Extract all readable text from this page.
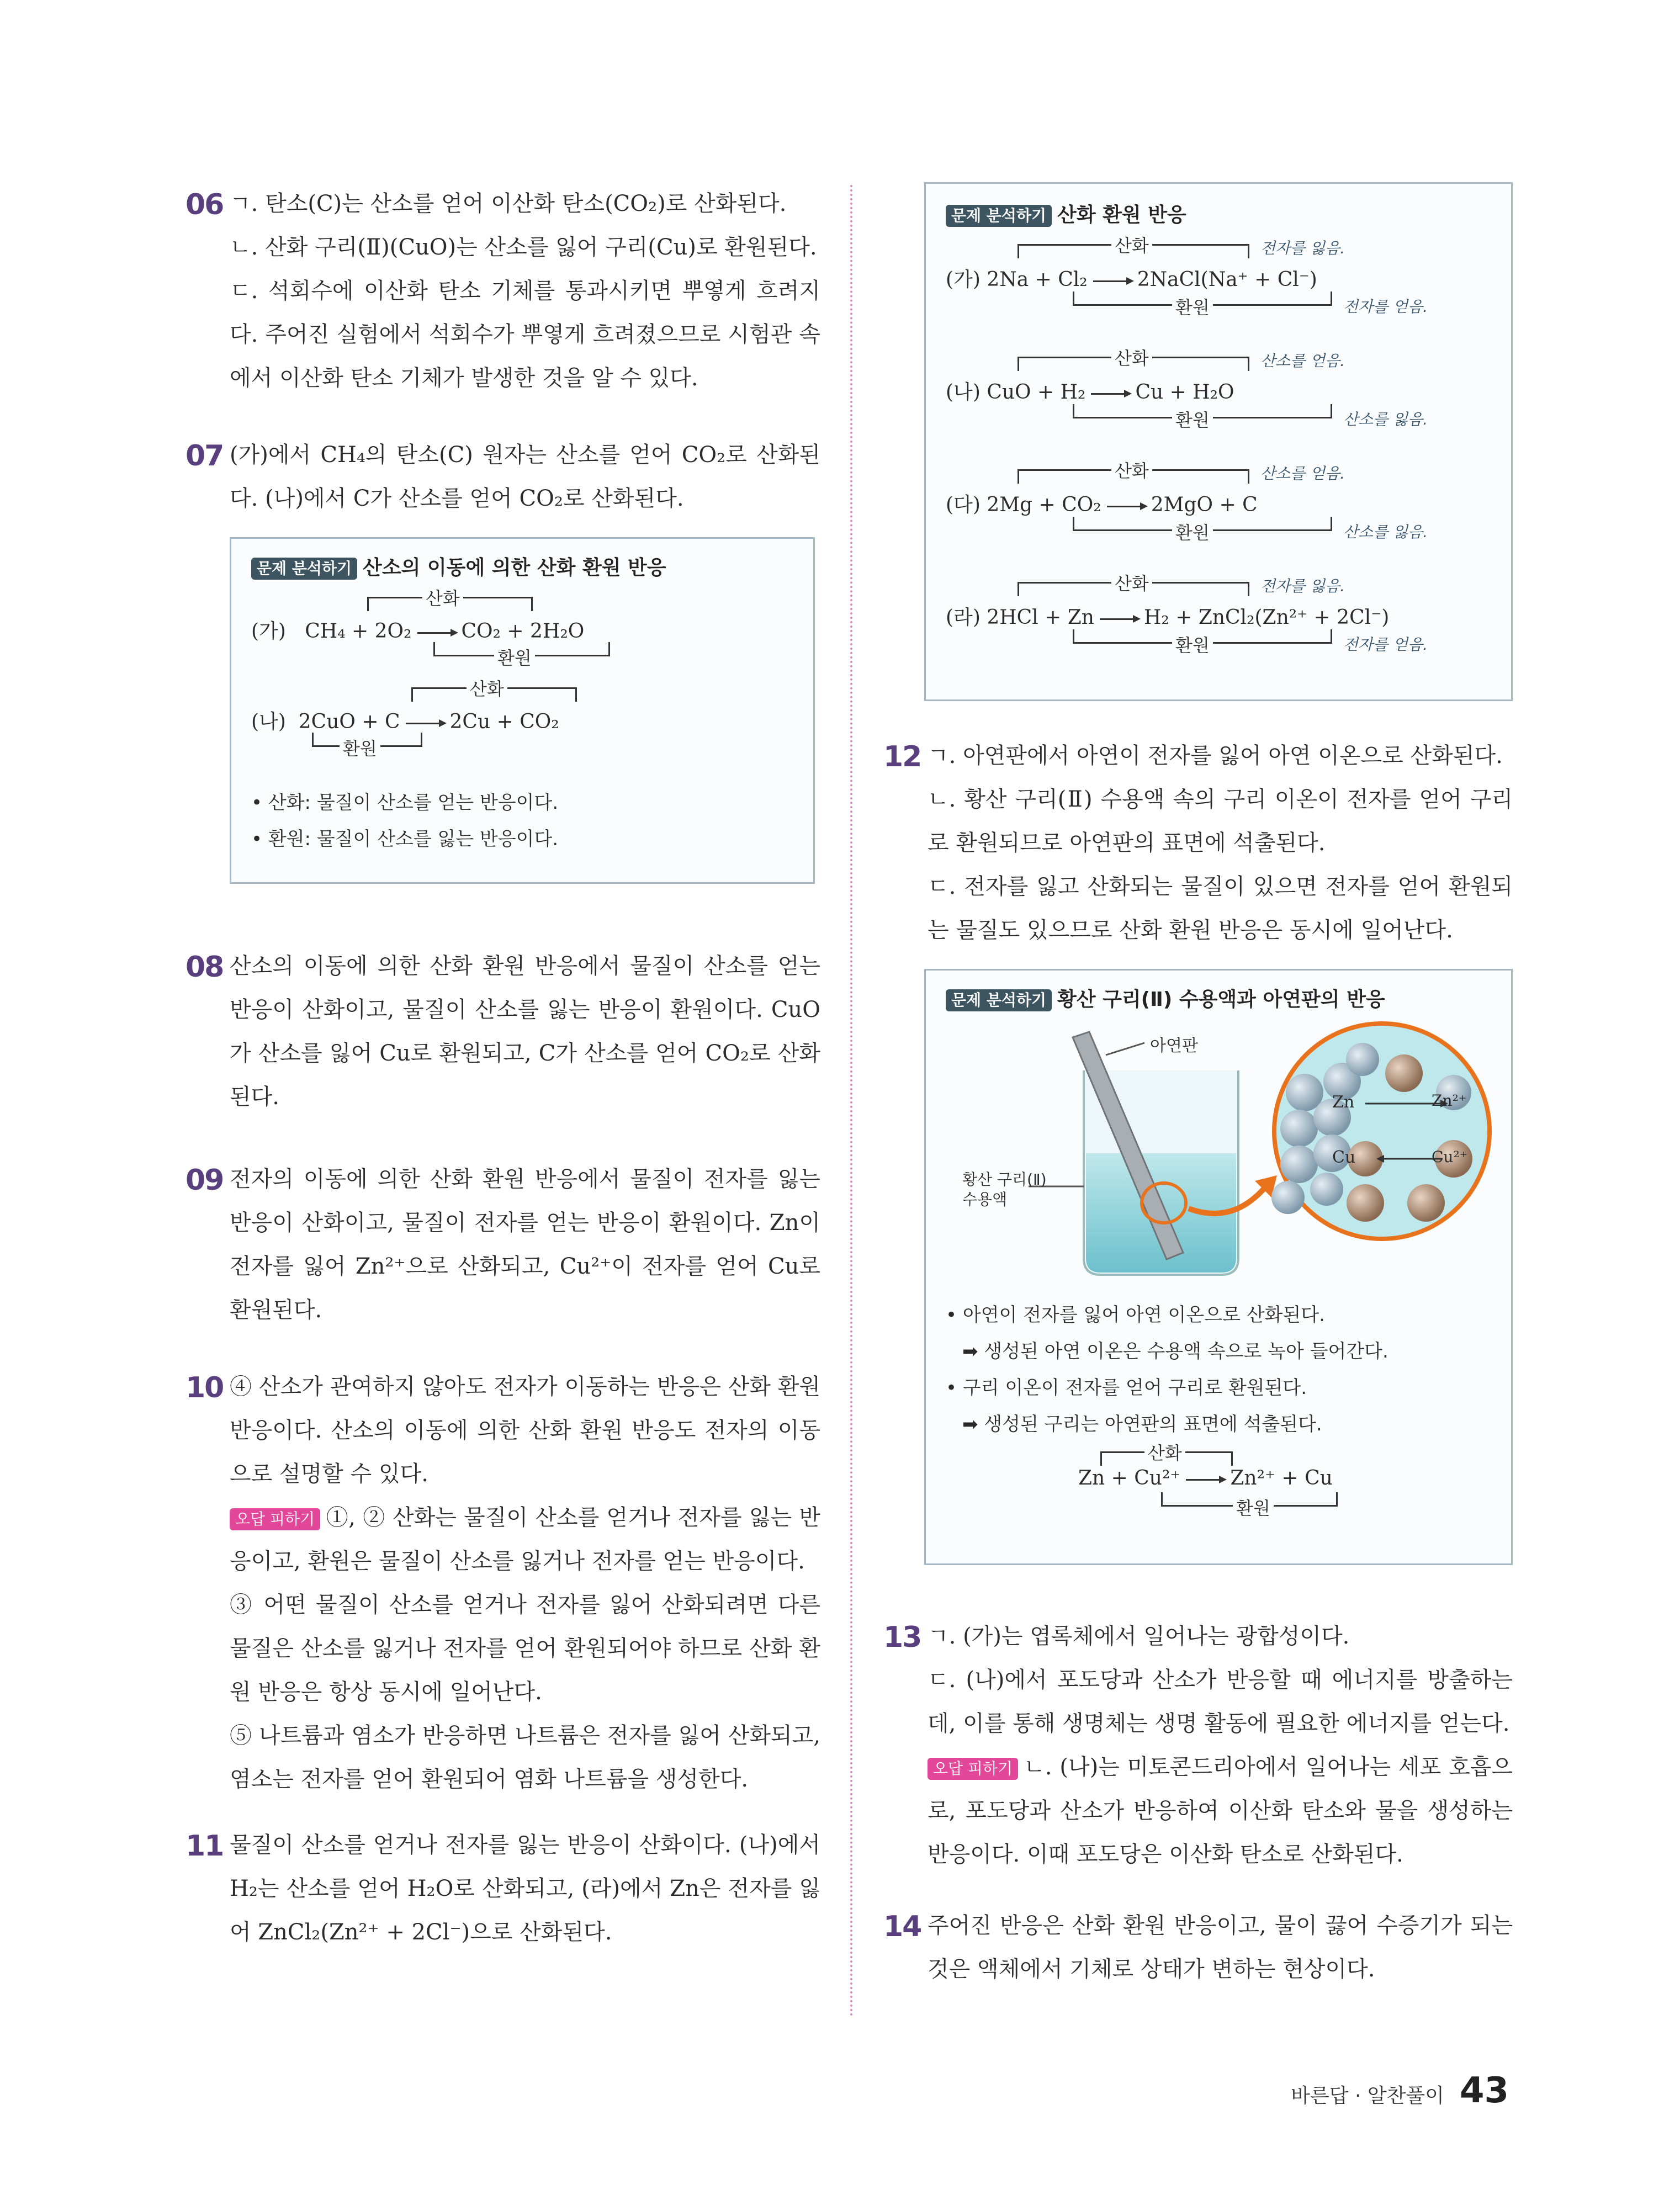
06 ㄱ. 탄소(C)는 산소를 얻어 이산화 탄소(CO₂)로 산화된다.

ㄴ. 산화 구리(Ⅱ)(CuO)는 산소를 잃어 구리(Cu)로 환원된다.

ㄷ. 석회수에 이산화 탄소 기체를 통과시키면 뿌옇게 흐려지다. 주어진 실험에서 석회수가 뿌옇게 흐려졌으므로 시험관 속에서 이산화 탄소 기체가 발생한 것을 알 수 있다.

07 (가)에서 CH₄의 탄소(C) 원자는 산소를 얻어 CO₂로 산화된다. (나)에서 C가 산소를 얻어 CO₂로 산화된다.

문제 분석하기 산소의 이동에 의한 산화 환원 반응
산화
(가) CH₄ + 2O₂ → CO₂ + 2H₂O
환원
산화
(나) 2CuO + C → 2Cu + CO₂
환원
• 산화: 물질이 산소를 얻는 반응이다.
• 환원: 물질이 산소를 잃는 반응이다.
08 산소의 이동에 의한 산화 환원 반응에서 물질이 산소를 얻는 반응이 산화이고, 물질이 산소를 잃는 반응이 환원이다. CuO가 산소를 잃어 Cu로 환원되고, C가 산소를 얻어 CO₂로 산화된다.

09 전자의 이동에 의한 산화 환원 반응에서 물질이 전자를 잃는 반응이 산화이고, 물질이 전자를 얻는 반응이 환원이다. Zn이 전자를 잃어 Zn²⁺으로 산화되고, Cu²⁺이 전자를 얻어 Cu로 환원된다.

10 ④ 산소가 관여하지 않아도 전자가 이동하는 반응은 산화 환원 반응이다. 산소의 이동에 의한 산화 환원 반응도 전자의 이동으로 설명할 수 있다.

오답 피하기 ①, ② 산화는 물질이 산소를 얻거나 전자를 잃는 반응이고, 환원은 물질이 산소를 잃거나 전자를 얻는 반응이다.

③ 어떤 물질이 산소를 얻거나 전자를 잃어 산화되려면 다른 물질은 산소를 잃거나 전자를 얻어 환원되어야 하므로 산화 환원 반응은 항상 동시에 일어난다.

⑤ 나트륨과 염소가 반응하면 나트륨은 전자를 잃어 산화되고, 염소는 전자를 얻어 환원되어 염화 나트륨을 생성한다.

11 물질이 산소를 얻거나 전자를 잃는 반응이 산화이다. (나)에서 H₂는 산소를 얻어 H₂O로 산화되고, (라)에서 Zn은 전자를 잃어 ZnCl₂(Zn²⁺ + 2Cl⁻)으로 산화된다.

문제 분석하기 산화 환원 반응
산화	전자를 잃음.
(가) 2Na + Cl₂ → 2NaCl(Na⁺ + Cl⁻)
환원	전자를 얻음.
산화	산소를 얻음.
(나) CuO + H₂ → Cu + H₂O
환원	산소를 잃음.
산화	산소를 얻음.
(다) 2Mg + CO₂ → 2MgO + C
환원	산소를 잃음.
산화	전자를 잃음.
(라) 2HCl + Zn → H₂ + ZnCl₂(Zn²⁺ + 2Cl⁻)
환원	전자를 얻음.
12 ㄱ. 아연판에서 아연이 전자를 잃어 아연 이온으로 산화된다.

ㄴ. 황산 구리(Ⅱ) 수용액 속의 구리 이온이 전자를 얻어 구리로 환원되므로 아연판의 표면에 석출된다.

ㄷ. 전자를 잃고 산화되는 물질이 있으면 전자를 얻어 환원되는 물질도 있으므로 산화 환원 반응은 동시에 일어난다.

문제 분석하기 황산 구리(Ⅱ) 수용액과 아연판의 반응
아연판
황산 구리(Ⅱ) 수용액
Zn	Zn²⁺
Cu	Cu²⁺
• 아연이 전자를 잃어 아연 이온으로 산화된다.
➡ 생성된 아연 이온은 수용액 속으로 녹아 들어간다.
• 구리 이온이 전자를 얻어 구리로 환원된다.
➡ 생성된 구리는 아연판의 표면에 석출된다.
산화
Zn + Cu²⁺ → Zn²⁺ + Cu
환원
13 ㄱ. (가)는 엽록체에서 일어나는 광합성이다.

ㄷ. (나)에서 포도당과 산소가 반응할 때 에너지를 방출하는데, 이를 통해 생명체는 생명 활동에 필요한 에너지를 얻는다.

오답 피하기 ㄴ. (나)는 미토콘드리아에서 일어나는 세포 호흡으로, 포도당과 산소가 반응하여 이산화 탄소와 물을 생성하는 반응이다. 이때 포도당은 이산화 탄소로 산화된다.

14 주어진 반응은 산화 환원 반응이고, 물이 끓어 수증기가 되는 것은 액체에서 기체로 상태가 변하는 현상이다.

바른답 · 알찬풀이 43
